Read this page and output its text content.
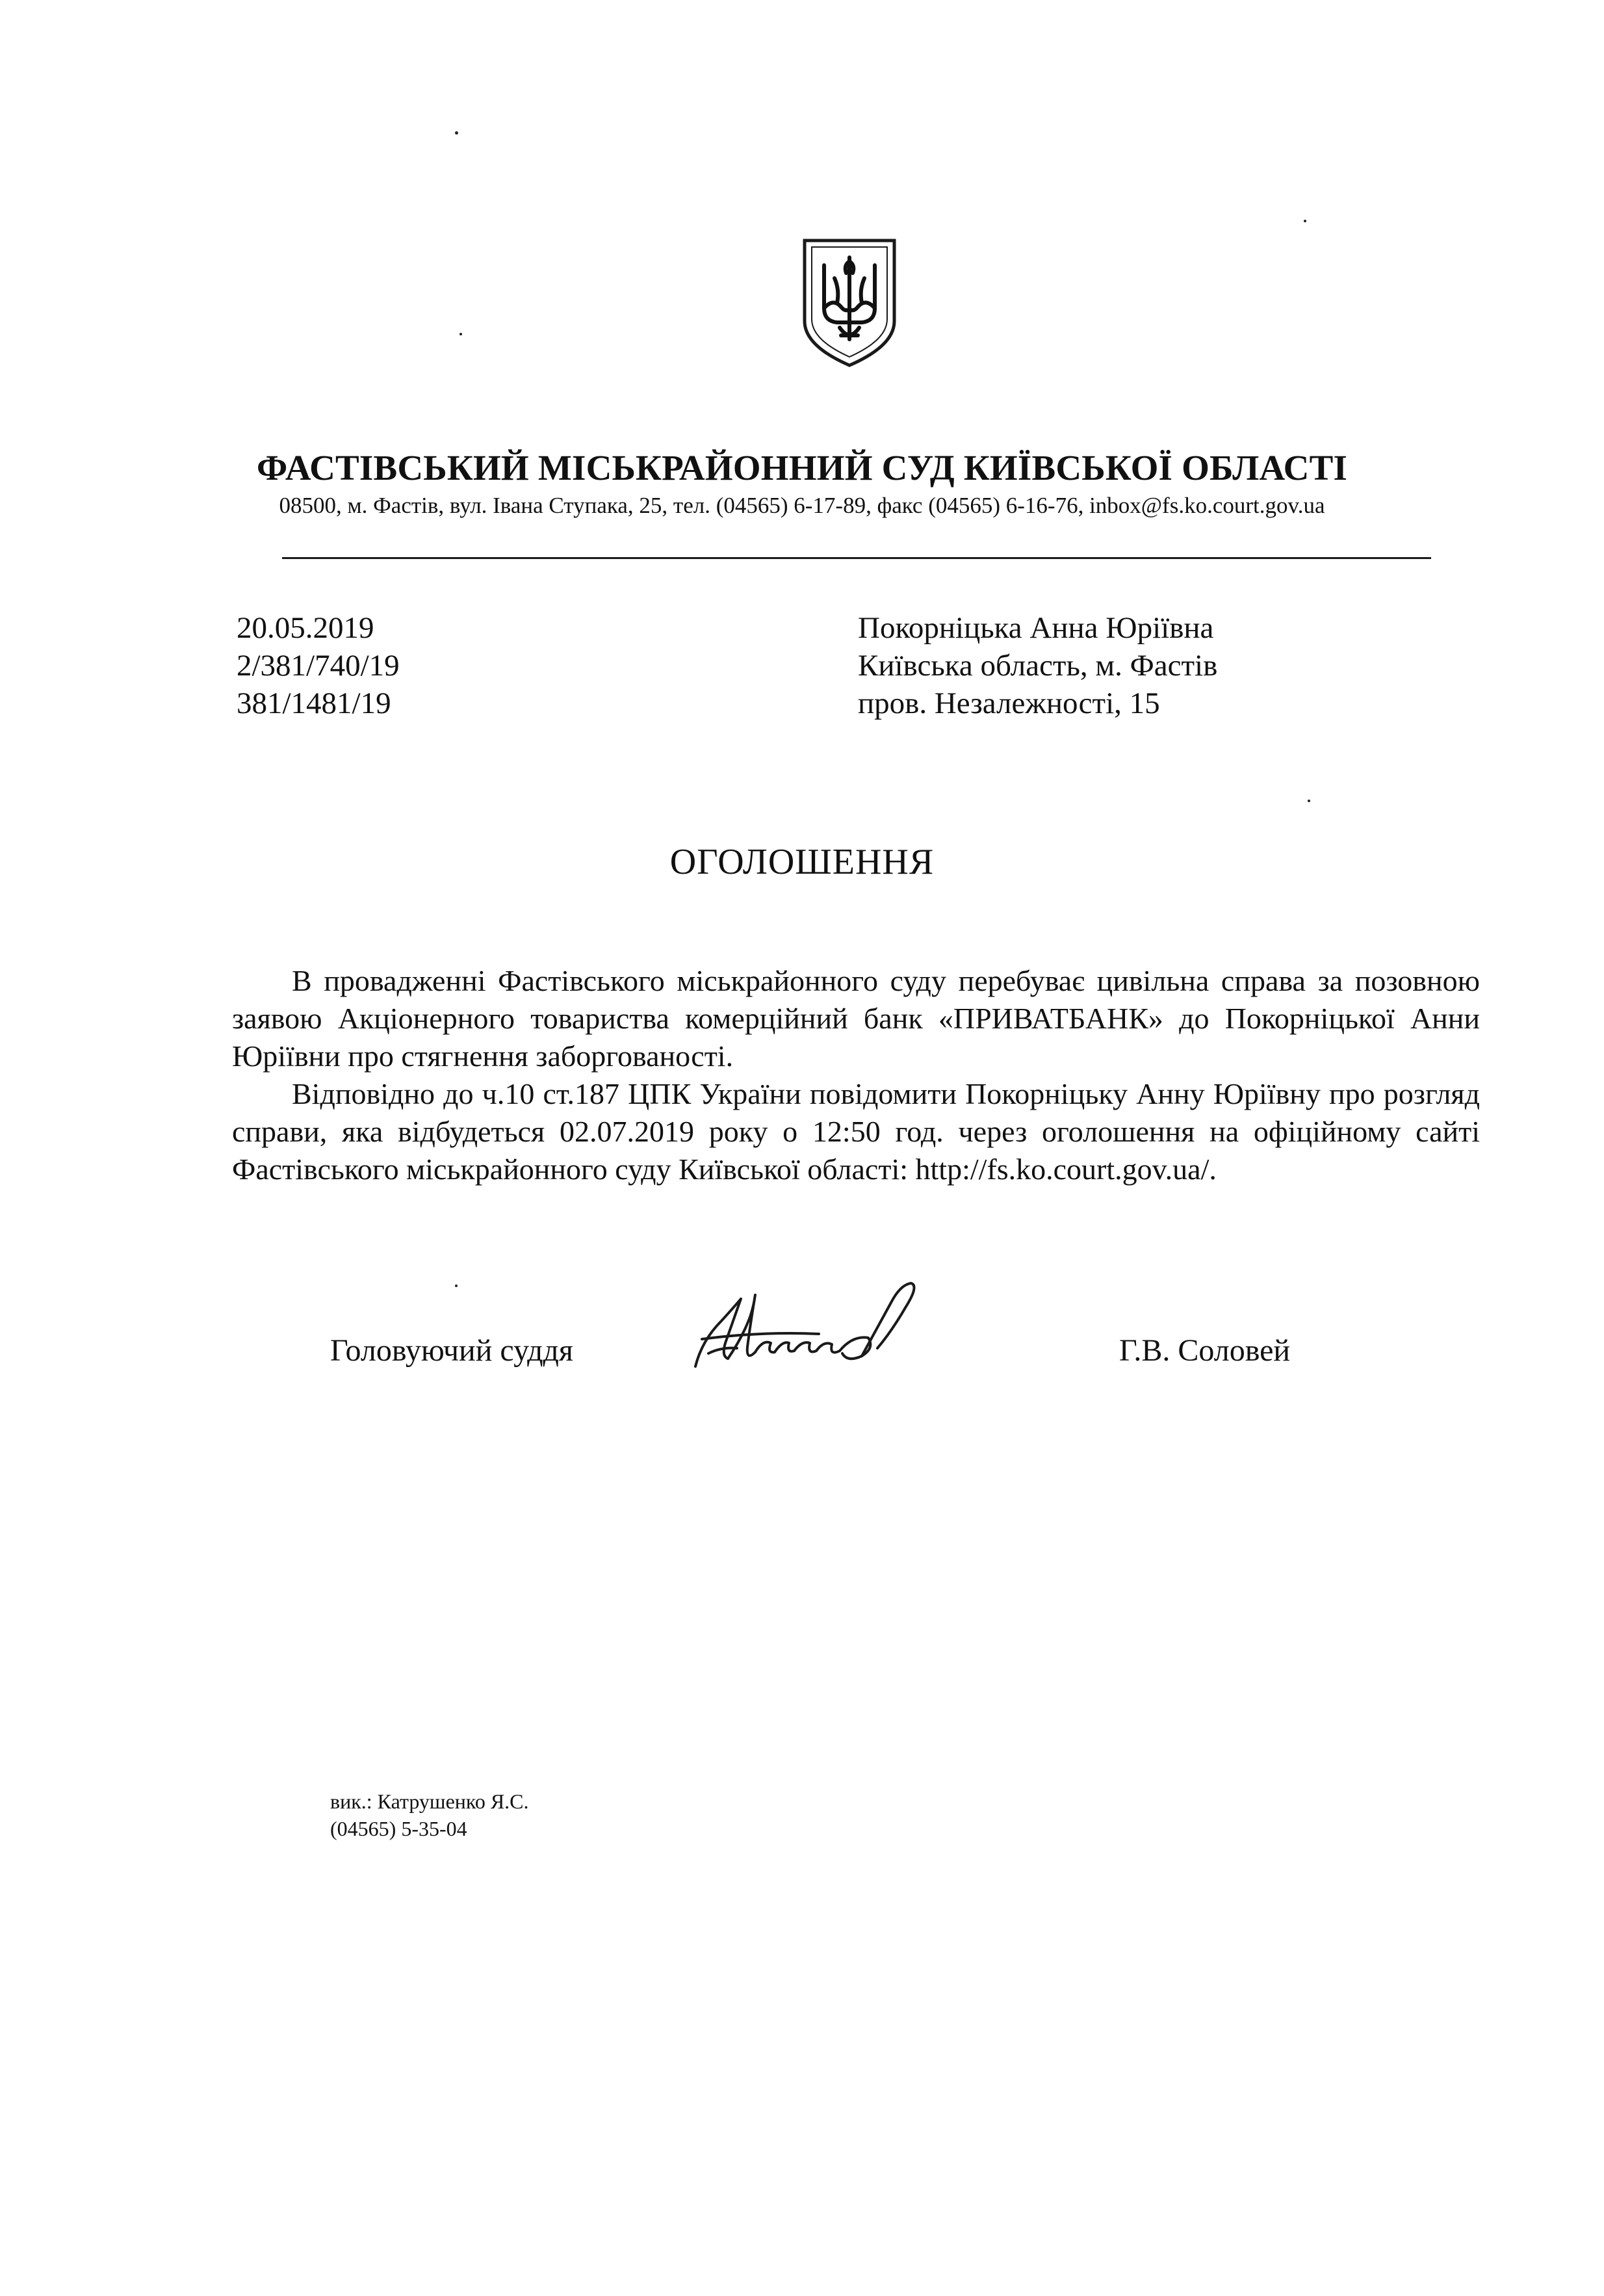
ФАСТІВСЬКИЙ МІСЬКРАЙОННИЙ СУД КИЇВСЬКОЇ ОБЛАСТІ
08500, м. Фастів, вул. Івана Ступака, 25, тел. (04565) 6-17-89, факс (04565) 6-16-76, inbox@fs.ko.court.gov.ua
20.05.2019
2/381/740/19
381/1481/19
Покорніцька Анна Юріївна
Київська область, м. Фастів
пров. Незалежності, 15
ОГОЛОШЕННЯ
В провадженні Фастівського міськрайонного суду перебуває цивільна справа за позовною заявою Акціонерного товариства комерційний банк «ПРИВАТБАНК» до Покорніцької Анни Юріївни про стягнення заборгованості.
Відповідно до ч.10 ст.187 ЦПК України повідомити Покорніцьку Анну Юріївну про розгляд справи, яка відбудеться 02.07.2019 року о 12:50 год. через оголошення на офіційному сайті Фастівського міськрайонного суду Київської області: http://fs.ko.court.gov.ua/.
Головуючий суддя	Г.В. Соловей
вик.: Катрушенко Я.С.
(04565) 5-35-04
